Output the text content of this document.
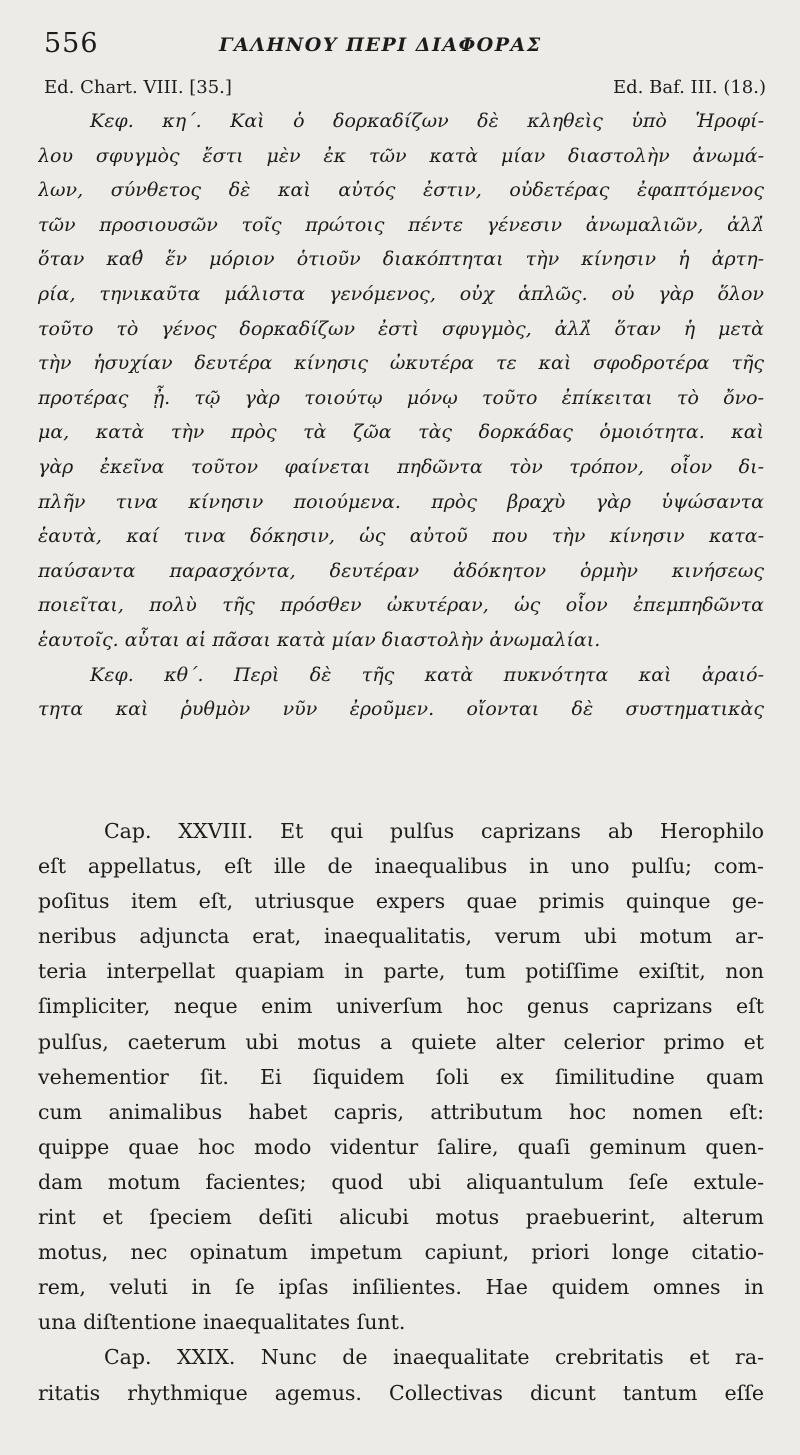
556	ΓΑΛΗΝΟΥ ΠΕΡΙ ΔΙΑΦΟΡΑΣ
Ed. Chart. VIII. [35.]	Ed. Baf. III. (18.)
Κεφ. κη΄. Καὶ ὁ δορκαδίζων δὲ κληθεὶς ὑπὸ Ἡροφί-
λου σφυγμὸς ἔστι μὲν ἐκ τῶν κατὰ μίαν διαστολὴν ἀνωμά-
λων, σύνθετος δὲ καὶ αὐτός ἐστιν, οὐδετέρας ἐφαπτόμενος
τῶν προσιουσῶν τοῖς πρώτοις πέντε γένεσιν ἀνωμαλιῶν, ἀλλ̓
ὅταν καθ̓ ἕν μόριον ὁτιοῦν διακόπτηται τὴν κίνησιν ἡ ἀρτη-
ρία, τηνικαῦτα μάλιστα γενόμενος, οὐχ ἁπλῶς. οὐ γὰρ ὅλον
τοῦτο τὸ γένος δορκαδίζων ἐστὶ σφυγμὸς, ἀλλ̓ ὅταν ἡ μετὰ
τὴν ἡσυχίαν δευτέρα κίνησις ὠκυτέρα τε καὶ σφοδροτέρα τῆς
προτέρας ᾖ. τῷ γὰρ τοιούτῳ μόνῳ τοῦτο ἐπίκειται τὸ ὄνο-
μα, κατὰ τὴν πρὸς τὰ ζῶα τὰς δορκάδας ὁμοιότητα. καὶ
γὰρ ἐκεῖνα τοῦτον φαίνεται πηδῶντα τὸν τρόπον, οἷον δι-
πλῆν τινα κίνησιν ποιούμενα. πρὸς βραχὺ γὰρ ὑψώσαντα
ἑαυτὰ, καί τινα δόκησιν, ὡς αὐτοῦ που τὴν κίνησιν κατα-
παύσαντα παρασχόντα, δευτέραν ἀδόκητον ὁρμὴν κινήσεως
ποιεῖται, πολὺ τῆς πρόσθεν ὠκυτέραν, ὡς οἷον ἐπεμπηδῶντα
ἑαυτοῖς. αὗται αἱ πᾶσαι κατὰ μίαν διαστολὴν ἀνωμαλίαι.
Κεφ. κθ΄. Περὶ δὲ τῆς κατὰ πυκνότητα καὶ ἀραιό-
τητα καὶ ῥυθμὸν νῦν ἐροῦμεν. οἴονται δὲ συστηματικὰς
Cap. XXVIII. Et qui pulſus caprizans ab Herophilo
eſt appellatus, eſt ille de inaequalibus in uno pulſu; com-
poſitus item eſt, utriusque expers quae primis quinque ge-
neribus adjuncta erat, inaequalitatis, verum ubi motum ar-
teria interpellat quapiam in parte, tum potiſſime exiſtit, non
ſimpliciter, neque enim univerſum hoc genus caprizans eſt
pulſus, caeterum ubi motus a quiete alter celerior primo et
vehementior ſit. Ei ſiquidem ſoli ex ſimilitudine quam
cum animalibus habet capris, attributum hoc nomen eſt:
quippe quae hoc modo videntur ſalire, quaſi geminum quen-
dam motum facientes; quod ubi aliquantulum ſeſe extule-
rint et ſpeciem deſiti alicubi motus praebuerint, alterum
motus, nec opinatum impetum capiunt, priori longe citatio-
rem, veluti in ſe ipſas inſilientes. Hae quidem omnes in
una diſtentione inaequalitates ſunt.
Cap. XXIX. Nunc de inaequalitate crebritatis et ra-
ritatis rhythmique agemus. Collectivas dicunt tantum eſſe
